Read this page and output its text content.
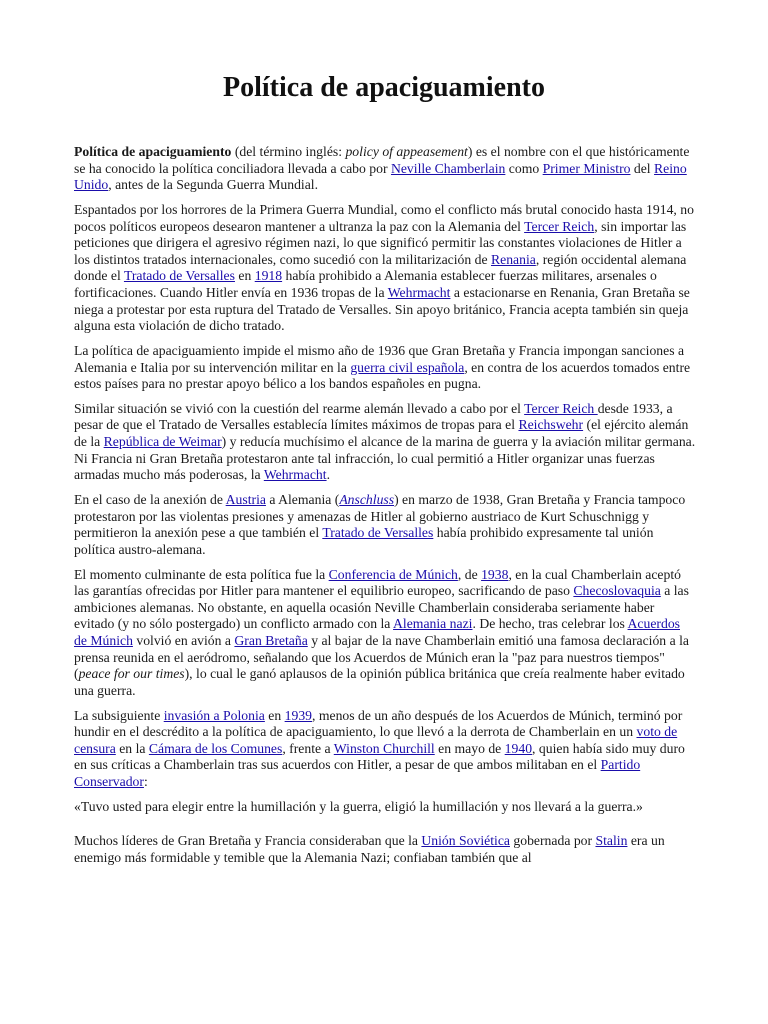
Política de apaciguamiento

Política de apaciguamiento (del término inglés: policy of appeasement) es el nombre con el que históricamente se ha conocido la política conciliadora llevada a cabo por Neville Chamberlain como Primer Ministro del Reino Unido, antes de la Segunda Guerra Mundial.

Espantados por los horrores de la Primera Guerra Mundial, como el conflicto más brutal conocido hasta 1914, no pocos políticos europeos desearon mantener a ultranza la paz con la Alemania del Tercer Reich, sin importar las peticiones que dirigera el agresivo régimen nazi, lo que significó permitir las constantes violaciones de Hitler a los distintos tratados internacionales, como sucedió con la militarización de Renania, región occidental alemana donde el Tratado de Versalles en 1918 había prohibido a Alemania establecer fuerzas militares, arsenales o fortificaciones. Cuando Hitler envía en 1936 tropas de la Wehrmacht a estacionarse en Renania, Gran Bretaña se niega a protestar por esta ruptura del Tratado de Versalles. Sin apoyo británico, Francia acepta también sin queja alguna esta violación de dicho tratado.

La política de apaciguamiento impide el mismo año de 1936 que Gran Bretaña y Francia impongan sanciones a Alemania e Italia por su intervención militar en la guerra civil española, en contra de los acuerdos tomados entre estos países para no prestar apoyo bélico a los bandos españoles en pugna.

Similar situación se vivió con la cuestión del rearme alemán llevado a cabo por el Tercer Reich desde 1933, a pesar de que el Tratado de Versalles establecía límites máximos de tropas para el Reichswehr (el ejército alemán de la República de Weimar) y reducía muchísimo el alcance de la marina de guerra y la aviación militar germana. Ni Francia ni Gran Bretaña protestaron ante tal infracción, lo cual permitió a Hitler organizar unas fuerzas armadas mucho más poderosas, la Wehrmacht.

En el caso de la anexión de Austria a Alemania (Anschluss) en marzo de 1938, Gran Bretaña y Francia tampoco protestaron por las violentas presiones y amenazas de Hitler al gobierno austriaco de Kurt Schuschnigg y permitieron la anexión pese a que también el Tratado de Versalles había prohibido expresamente tal unión política austro-alemana.

El momento culminante de esta política fue la Conferencia de Múnich, de 1938, en la cual Chamberlain aceptó las garantías ofrecidas por Hitler para mantener el equilibrio europeo, sacrificando de paso Checoslovaquia a las ambiciones alemanas. No obstante, en aquella ocasión Neville Chamberlain consideraba seriamente haber evitado (y no sólo postergado) un conflicto armado con la Alemania nazi. De hecho, tras celebrar los Acuerdos de Múnich volvió en avión a Gran Bretaña y al bajar de la nave Chamberlain emitió una famosa declaración a la prensa reunida en el aeródromo, señalando que los Acuerdos de Múnich eran la "paz para nuestros tiempos" (peace for our times), lo cual le ganó aplausos de la opinión pública británica que creía realmente haber evitado una guerra.

La subsiguiente invasión a Polonia en 1939, menos de un año después de los Acuerdos de Múnich, terminó por hundir en el descrédito a la política de apaciguamiento, lo que llevó a la derrota de Chamberlain en un voto de censura en la Cámara de los Comunes, frente a Winston Churchill en mayo de 1940, quien había sido muy duro en sus críticas a Chamberlain tras sus acuerdos con Hitler, a pesar de que ambos militaban en el Partido Conservador:

«Tuvo usted para elegir entre la humillación y la guerra, eligió la humillación y nos llevará a la guerra.»

Muchos líderes de Gran Bretaña y Francia consideraban que la Unión Soviética gobernada por Stalin era un enemigo más formidable y temible que la Alemania Nazi; confiaban también que al
